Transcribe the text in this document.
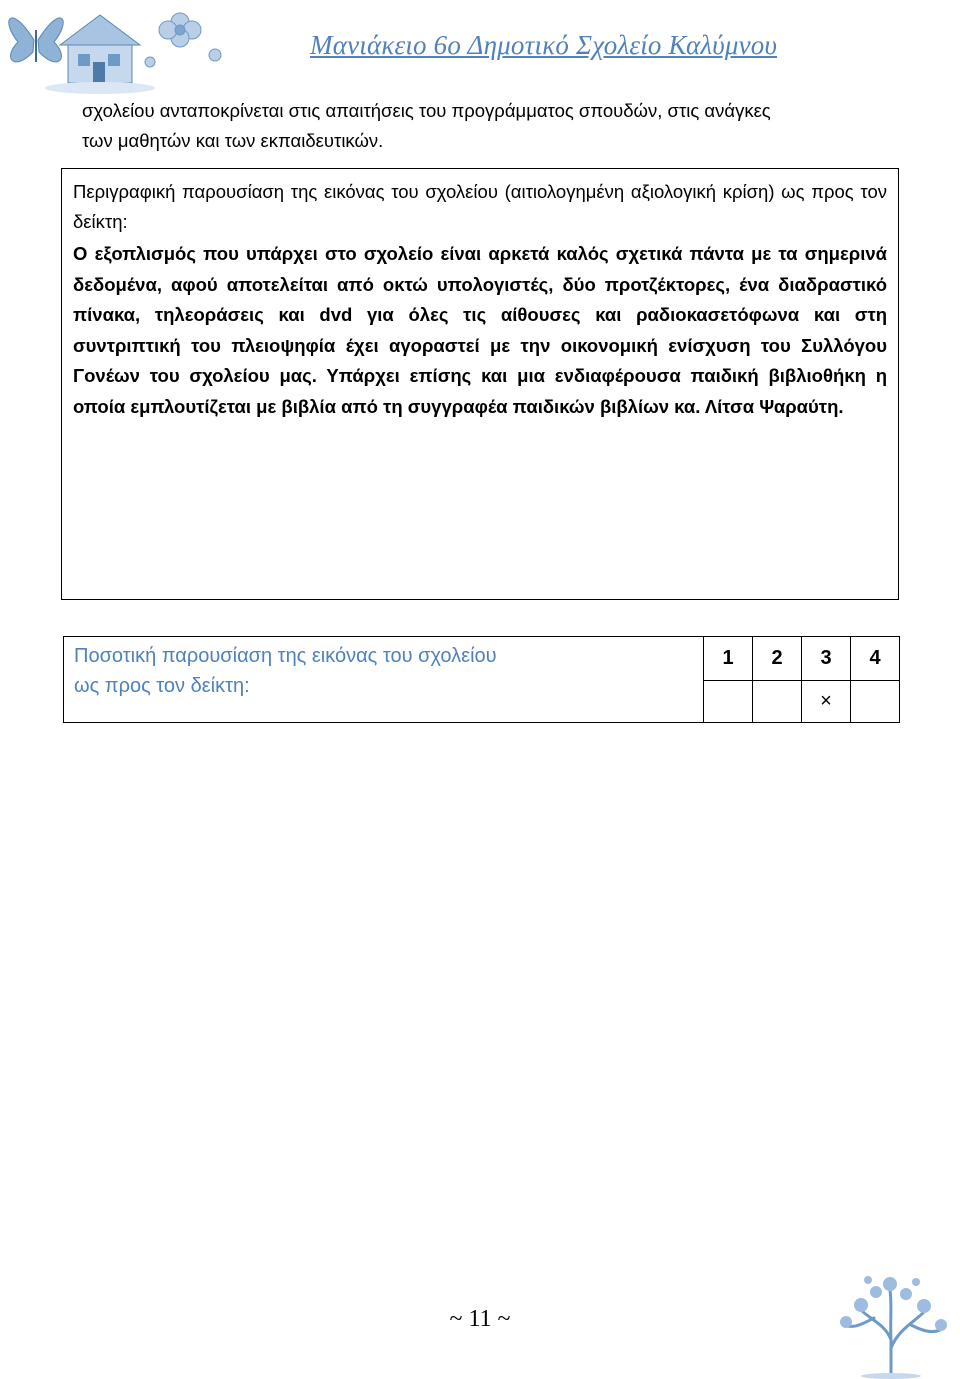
Μανιάκειο 6ο Δημοτικό Σχολείο Καλύμνου

σχολείου ανταποκρίνεται στις απαιτήσεις του προγράμματος σπουδών, στις ανάγκες

των μαθητών και των εκπαιδευτικών.

Περιγραφική παρουσίαση της εικόνας του σχολείου (αιτιολογημένη αξιολογική κρίση) ως προς τον δείκτη:
Ο εξοπλισμός που υπάρχει στο σχολείο είναι αρκετά καλός σχετικά πάντα με τα σημερινά δεδομένα, αφού αποτελείται από οκτώ υπολογιστές, δύο προτζέκτορες, ένα διαδραστικό πίνακα, τηλεοράσεις και dvd για όλες τις αίθουσες και ραδιοκασετόφωνα και στη συντριπτική του πλειοψηφία έχει αγοραστεί με την οικονομική ενίσχυση του Συλλόγου Γονέων του σχολείου μας. Υπάρχει επίσης και μια ενδιαφέρουσα παιδική βιβλιοθήκη η οποία εμπλουτίζεται με βιβλία από τη συγγραφέα παιδικών βιβλίων κα. Λίτσα Ψαραύτη.
Ποσοτική παρουσίαση της εικόνας του σχολείου
ως προς τον δείκτη:	1	2	3	4
			×	
~ 11 ~
